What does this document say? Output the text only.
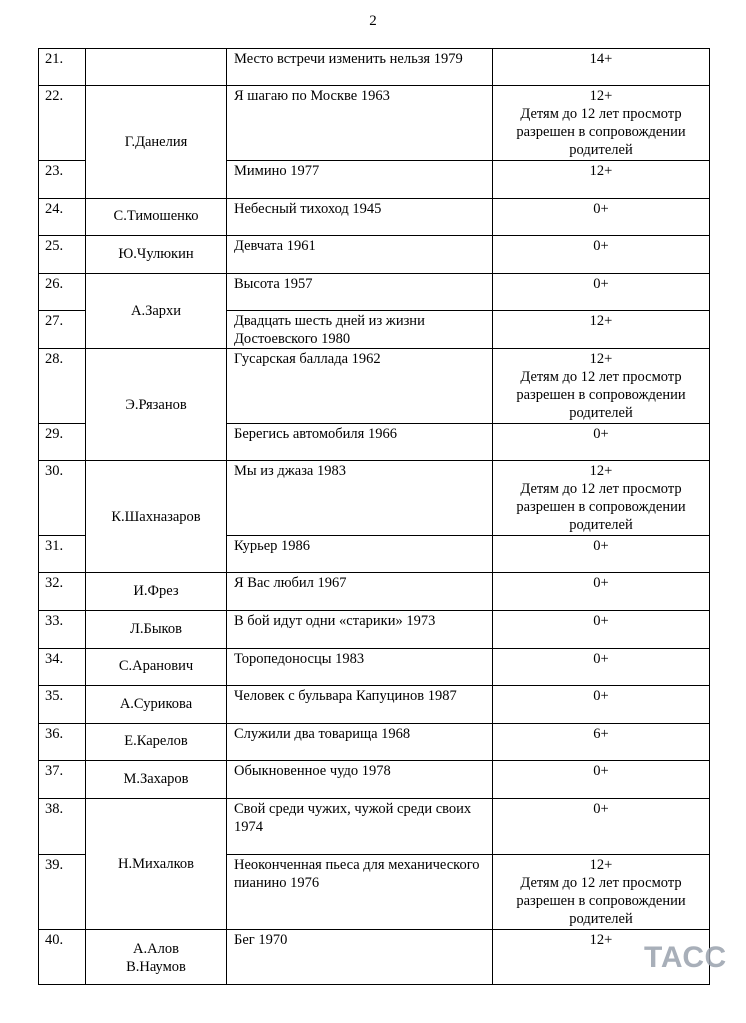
2
21.		Место встречи изменить нельзя 1979	14+

22.	Г.Данелия	Я шагаю по Москве 1963	12+
Детям до 12 лет просмотр
разрешен в сопровождении
родителей

23.		Мимино 1977	12+

24.	С.Тимошенко	Небесный тихоход 1945	0+

25.	Ю.Чулюкин	Девчата 1961	0+

26.	А.Зархи	Высота 1957	0+

27.		Двадцать шесть дней из жизни Достоевского 1980	12+

28.	Э.Рязанов	Гусарская баллада 1962	12+
Детям до 12 лет просмотр
разрешен в сопровождении
родителей

29.		Берегись автомобиля 1966	0+

30.	К.Шахназаров	Мы из джаза 1983	12+
Детям до 12 лет просмотр
разрешен в сопровождении
родителей

31.		Курьер 1986	0+

32.	И.Фрез	Я Вас любил 1967	0+

33.	Л.Быков	В бой идут одни «старики» 1973	0+

34.	С.Аранович	Торопедоносцы 1983	0+

35.	А.Сурикова	Человек с бульвара Капуцинов 1987	0+

36.	Е.Карелов	Служили два товарища 1968	6+

37.	М.Захаров	Обыкновенное чудо 1978	0+

38.	Н.Михалков	Свой среди чужих, чужой среди своих 1974	0+

39.		Неоконченная пьеса для механического пианино 1976	12+
Детям до 12 лет просмотр
разрешен в сопровождении
родителей

40.	А.Алов
В.Наумов	Бег 1970	12+
ТАСС
